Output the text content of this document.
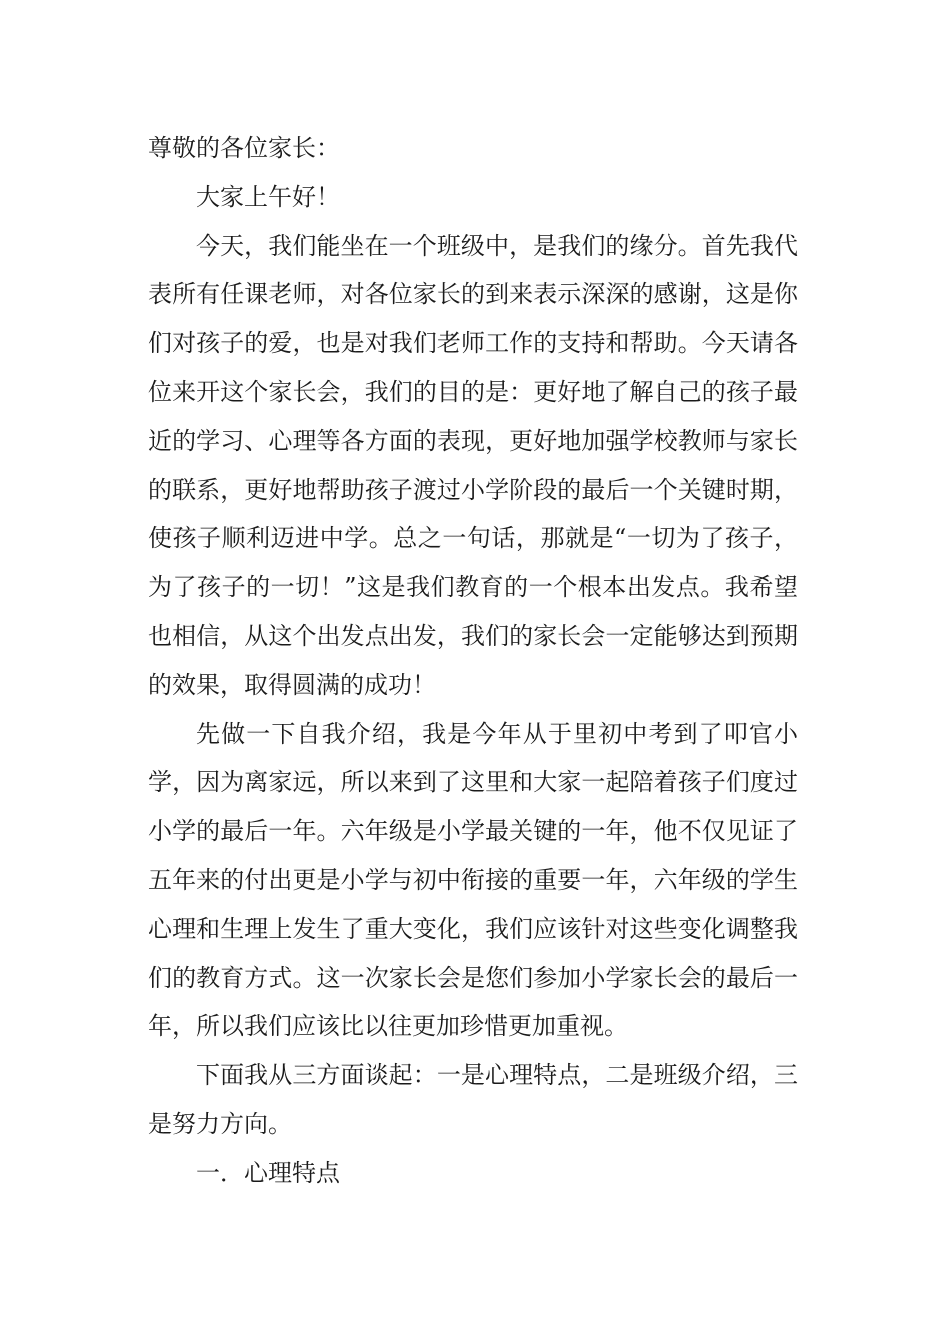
尊敬的各位家长：

大家上午好！

今天，我们能坐在一个班级中，是我们的缘分。首先我代表所有任课老师，对各位家长的到来表示深深的感谢，这是你们对孩子的爱，也是对我们老师工作的支持和帮助。今天请各位来开这个家长会，我们的目的是：更好地了解自己的孩子最近的学习、心理等各方面的表现，更好地加强学校教师与家长的联系，更好地帮助孩子渡过小学阶段的最后一个关键时期，使孩子顺利迈进中学。总之一句话，那就是“一切为了孩子，为了孩子的一切！”这是我们教育的一个根本出发点。我希望也相信，从这个出发点出发，我们的家长会一定能够达到预期的效果，取得圆满的成功！

先做一下自我介绍，我是今年从于里初中考到了叩官小学，因为离家远，所以来到了这里和大家一起陪着孩子们度过小学的最后一年。六年级是小学最关键的一年，他不仅见证了五年来的付出更是小学与初中衔接的重要一年，六年级的学生心理和生理上发生了重大变化，我们应该针对这些变化调整我们的教育方式。这一次家长会是您们参加小学家长会的最后一年，所以我们应该比以往更加珍惜更加重视。

下面我从三方面谈起：一是心理特点，二是班级介绍，三是努力方向。

一．心理特点
